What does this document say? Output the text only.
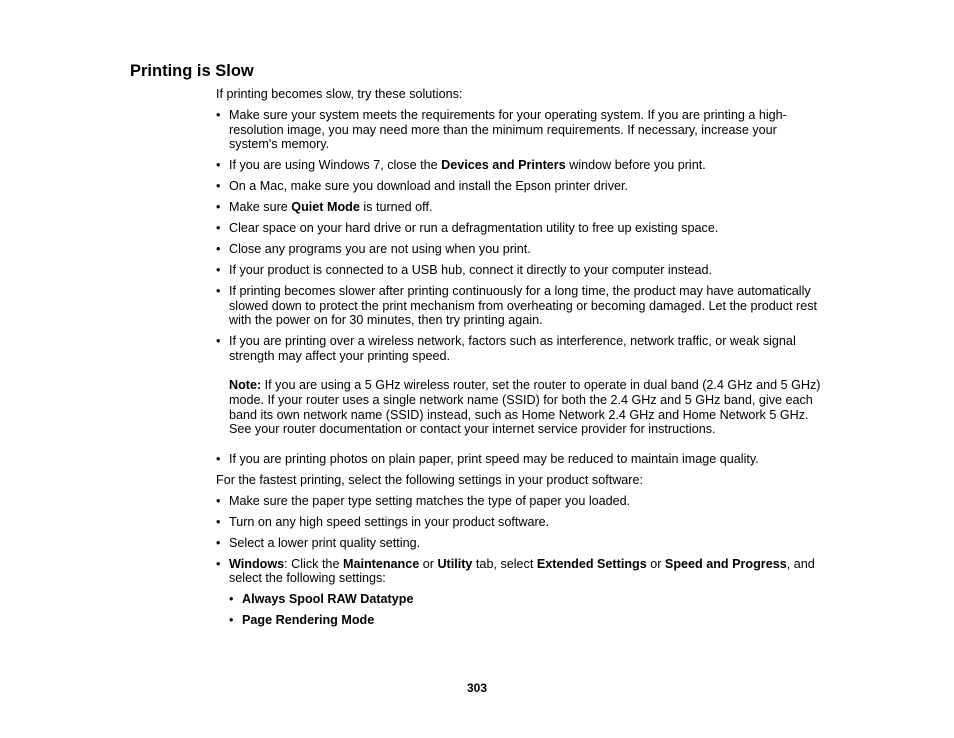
Printing is Slow

If printing becomes slow, try these solutions:

• Make sure your system meets the requirements for your operating system. If you are printing a high-resolution image, you may need more than the minimum requirements. If necessary, increase your system's memory.
• If you are using Windows 7, close the Devices and Printers window before you print.
• On a Mac, make sure you download and install the Epson printer driver.
• Make sure Quiet Mode is turned off.
• Clear space on your hard drive or run a defragmentation utility to free up existing space.
• Close any programs you are not using when you print.
• If your product is connected to a USB hub, connect it directly to your computer instead.
• If printing becomes slower after printing continuously for a long time, the product may have automatically slowed down to protect the print mechanism from overheating or becoming damaged. Let the product rest with the power on for 30 minutes, then try printing again.
• If you are printing over a wireless network, factors such as interference, network traffic, or weak signal strength may affect your printing speed.
Note: If you are using a 5 GHz wireless router, set the router to operate in dual band (2.4 GHz and 5 GHz) mode. If your router uses a single network name (SSID) for both the 2.4 GHz and 5 GHz band, give each band its own network name (SSID) instead, such as Home Network 2.4 GHz and Home Network 5 GHz. See your router documentation or contact your internet service provider for instructions.
• If you are printing photos on plain paper, print speed may be reduced to maintain image quality.

For the fastest printing, select the following settings in your product software:

• Make sure the paper type setting matches the type of paper you loaded.
• Turn on any high speed settings in your product software.
• Select a lower print quality setting.
• Windows: Click the Maintenance or Utility tab, select Extended Settings or Speed and Progress, and select the following settings:
• Always Spool RAW Datatype
• Page Rendering Mode
303
